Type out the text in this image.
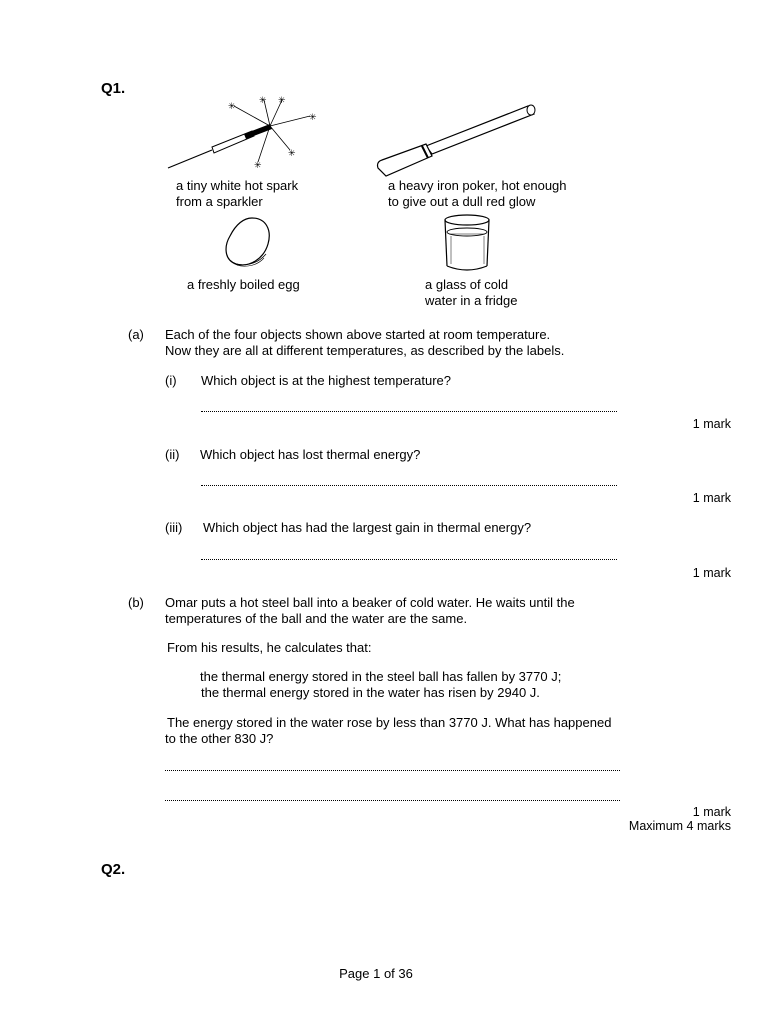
Q1.
✳
✳ ✳
✳
✳
✳
a tiny white hot spark
from a sparkler
a heavy iron poker, hot enough
to give out a dull red glow
a freshly boiled egg	a glass of cold
water in a fridge
(a) Each of the four objects shown above started at room temperature.
Now they are all at different temperatures, as described by the labels.
(i) Which object is at the highest temperature?
1 mark
(ii) Which object has lost thermal energy?
1 mark
(iii) Which object has had the largest gain in thermal energy?
1 mark
(b) Omar puts a hot steel ball into a beaker of cold water. He waits until the
temperatures of the ball and the water are the same.
From his results, he calculates that:
the thermal energy stored in the steel ball has fallen by 3770 J;
the thermal energy stored in the water has risen by 2940 J.
The energy stored in the water rose by less than 3770 J. What has happened
to the other 830 J?
1 mark
Maximum 4 marks
Q2.
Page 1 of 36
